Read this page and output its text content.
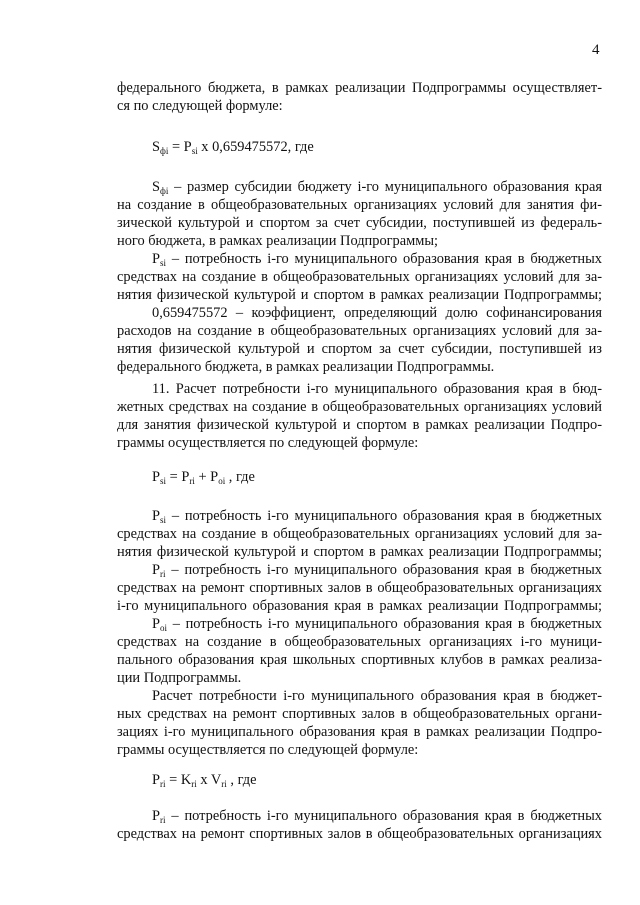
4
федерального бюджета, в рамках реализации Подпрограммы осуществляет-
ся по следующей формуле:
$S_{фi} = P_{si}$ x 0,659475572, где
$S_{фi}$ – размер субсидии бюджету i-го муниципального образования края
на создание в общеобразовательных организациях условий для занятия фи-
зической культурой и спортом за счет субсидии, поступившей из федераль-
ного бюджета, в рамках реализации Подпрограммы;
$P_{si}$ – потребность i-го муниципального образования края в бюджетных
средствах на создание в общеобразовательных организациях условий для за-
нятия физической культурой и спортом в рамках реализации Подпрограммы;
0,659475572 – коэффициент, определяющий долю софинансирования
расходов на создание в общеобразовательных организациях условий для за-
нятия физической культурой и спортом за счет субсидии, поступившей из
федерального бюджета, в рамках реализации Подпрограммы.
11. Расчет потребности i-го муниципального образования края в бюд-
жетных средствах на создание в общеобразовательных организациях условий
для занятия физической культурой и спортом в рамках реализации Подпро-
граммы осуществляется по следующей формуле:
$P_{si} = P_{ri} + P_{oi}$ , где
$P_{si}$ – потребность i-го муниципального образования края в бюджетных
средствах на создание в общеобразовательных организациях условий для за-
нятия физической культурой и спортом в рамках реализации Подпрограммы;
$P_{ri}$ – потребность i-го муниципального образования края в бюджетных
средствах на ремонт спортивных залов в общеобразовательных организациях
i-го муниципального образования края в рамках реализации Подпрограммы;
$P_{oi}$ – потребность i-го муниципального образования края в бюджетных
средствах на создание в общеобразовательных организациях i-го муници-
пального образования края школьных спортивных клубов в рамках реализа-
ции Подпрограммы.
Расчет потребности i-го муниципального образования края в бюджет-
ных средствах на ремонт спортивных залов в общеобразовательных органи-
зациях i-го муниципального образования края в рамках реализации Подпро-
граммы осуществляется по следующей формуле:
$P_{ri} = K_{ri}$ x $V_{ri}$ , где
$P_{ri}$ – потребность i-го муниципального образования края в бюджетных
средствах на ремонт спортивных залов в общеобразовательных организациях
